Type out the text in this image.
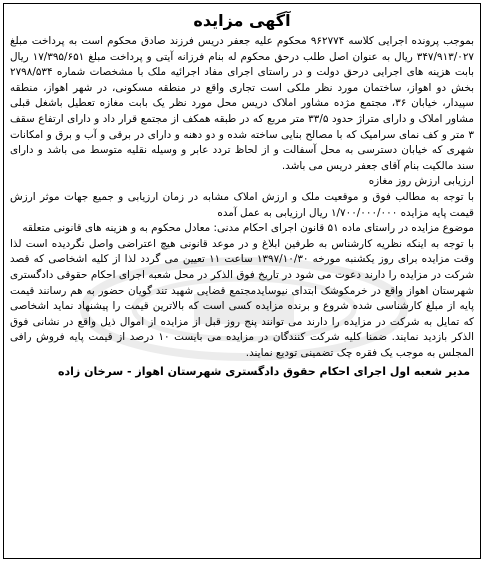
آگهی مزایده

بموجب پرونده اجرایی کلاسه ۹۶۲۷۷۴ محکوم علیه جعفر دریس فرزند صادق محکوم است به پرداخت مبلغ ۳۴۷/۹۱۳/۰۲۷ ریال به عنوان اصل طلب درحق محکوم له بنام فرزانه آیتی و پرداخت مبلغ ۱۷/۳۹۵/۶۵۱ ریال بابت هزینه های اجرایی درحق دولت و در راستای اجرای مفاد اجرائیه ملک با مشخصات شماره ۲۷۹۸/۵۳۴ بخش دو اهواز، ساختمان مورد نظر ملکی است تجاری واقع در منطقه مسکونی، در شهر اهواز، منطقه سپیدار، خیابان ۳۶، مجتمع مژده مشاور املاک دریس محل مورد نظر یک بابت مغازه تعطیل باشغل قبلی مشاور املاک و دارای متراژ حدود ۳۳/۵ متر مربع که در طبقه همکف از مجتمع قرار داد و دارای ارتفاع سقف ۳ متر و کف نمای سرامیک که با مصالح بنایی ساخته شده و دو دهنه و دارای در برقی و آب و برق و امکانات شهری که خیابان دسترسی به محل آسفالت و از لحاظ تردد عابر و وسیله نقلیه متوسط می باشد و دارای سند مالکیت بنام آقای جعفر دریس می باشد.

ارزیابی ارزش روز مغازه

با توجه به مطالب فوق و موقعیت ملک و ارزش املاک مشابه در زمان ارزیابی و جمیع جهات موثر ارزش قیمت پایه مزایده ۱/۷۰۰/۰۰۰/۰۰۰ ریال ارزیابی به عمل آمده

موضوع مزایده در راستای ماده ۵۱ قانون اجرای احکام مدنی: معادل محکوم به و هزینه های قانونی متعلقه

با توجه به اینکه نظریه کارشناس به طرفین ابلاغ و در موعد قانونی هیچ اعتراضی واصل نگردیده است لذا وقت مزایده برای روز یکشنبه مورخه ۱۳۹۷/۱۰/۳۰ ساعت ۱۱ تعیین می گردد لذا از کلیه اشخاصی که قصد شرکت در مزایده را دارند دعوت می شود در تاریخ فوق الذکر در محل شعبه اجرای احکام حقوقی دادگستری شهرستان اهواز واقع در خرمکوشک ابتدای نیوسایدمجتمع قضایی شهید تند گویان حضور به هم رسانند قیمت پایه از مبلغ کارشناسی شده شروع و برنده مزایده کسی است که بالاترین قیمت را پیشنهاد نماید اشخاصی که تمایل به شرکت در مزایده را دارند می توانند پنج روز قبل از مزایده از اموال ذیل واقع در نشانی فوق الذکر بازدید نمایند. ضمنا کلیه شرکت کنندگان در مزایده می بایست ۱۰ درصد از قیمت پایه فروش رافی المجلس به موجب یک فقره چک تضمینی تودیع نمایند.

مدیر شعبه اول اجرای احکام حقوق دادگستری شهرستان اهواز - سرخان زاده
